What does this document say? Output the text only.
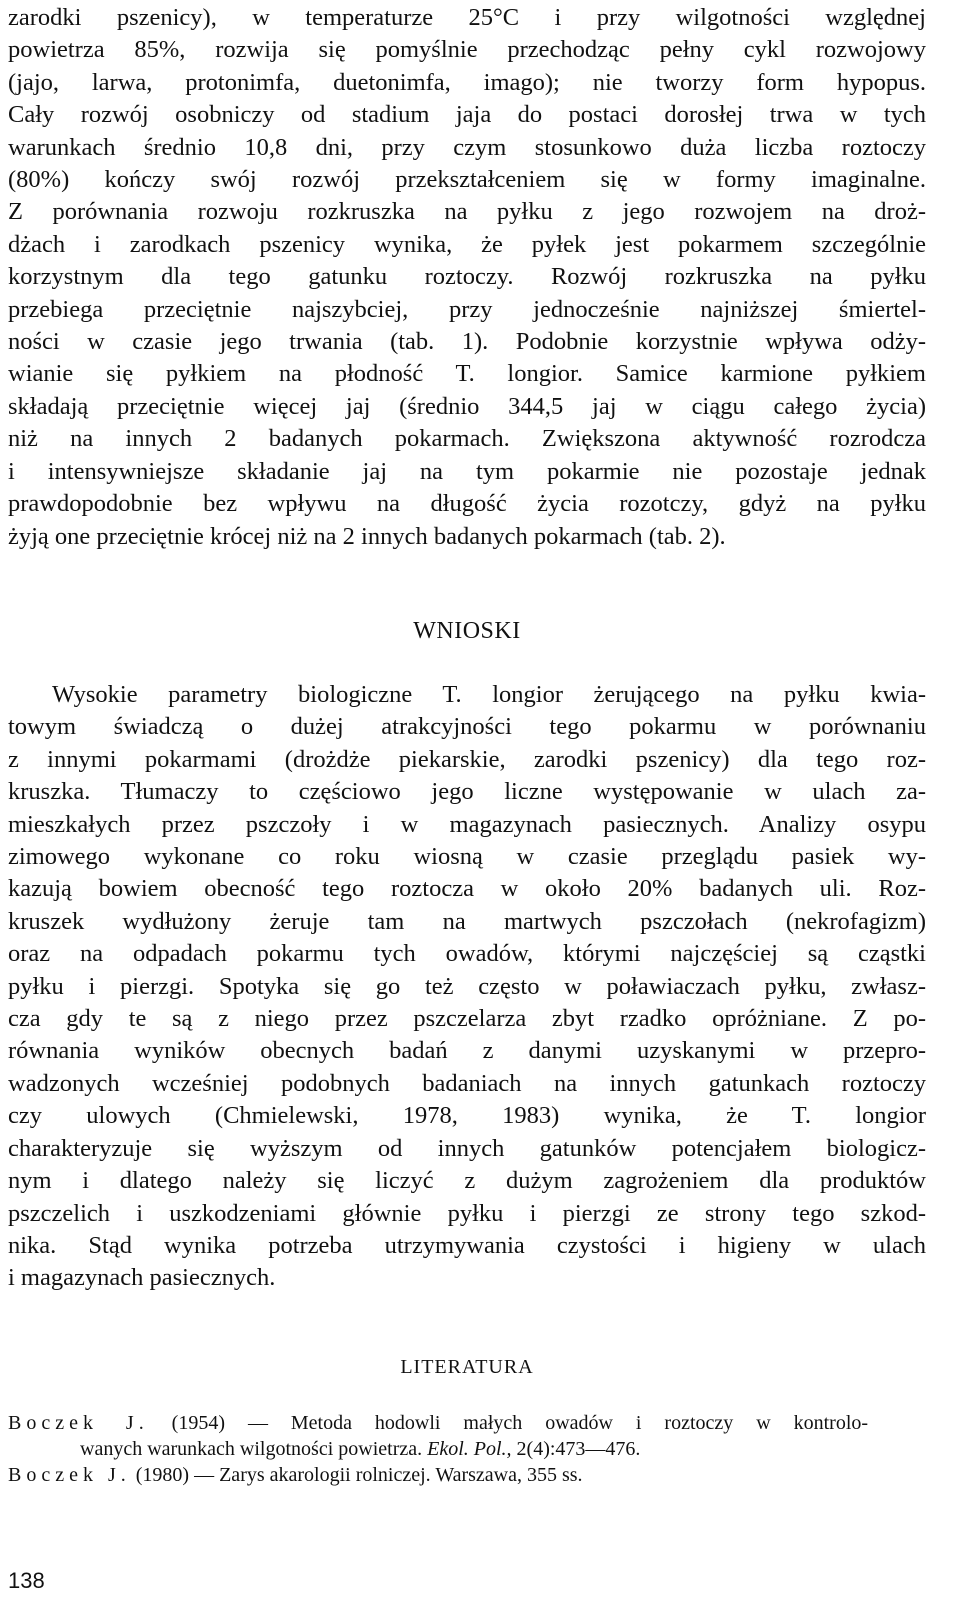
zarodki pszenicy), w temperaturze 25°C i przy wilgotności względnej
powietrza 85%, rozwija się pomyślnie przechodząc pełny cykl rozwojowy
(jajo, larwa, protonimfa, duetonimfa, imago); nie tworzy form hypopus.
Cały rozwój osobniczy od stadium jaja do postaci dorosłej trwa w tych
warunkach średnio 10,8 dni, przy czym stosunkowo duża liczba roztoczy
(80%) kończy swój rozwój przekształceniem się w formy imaginalne.
Z porównania rozwoju rozkruszka na pyłku z jego rozwojem na droż-
dżach i zarodkach pszenicy wynika, że pyłek jest pokarmem szczególnie
korzystnym dla tego gatunku roztoczy. Rozwój rozkruszka na pyłku
przebiega przeciętnie najszybciej, przy jednocześnie najniższej śmiertel-
ności w czasie jego trwania (tab. 1). Podobnie korzystnie wpływa odży-
wianie się pyłkiem na płodność T. longior. Samice karmione pyłkiem
składają przeciętnie więcej jaj (średnio 344,5 jaj w ciągu całego życia)
niż na innych 2 badanych pokarmach. Zwiększona aktywność rozrodcza
i intensywniejsze składanie jaj na tym pokarmie nie pozostaje jednak
prawdopodobnie bez wpływu na długość życia rozotczy, gdyż na pyłku
żyją one przeciętnie krócej niż na 2 innych badanych pokarmach (tab. 2).
WNIOSKI
Wysokie parametry biologiczne T. longior żerującego na pyłku kwia-
towym świadczą o dużej atrakcyjności tego pokarmu w porównaniu
z innymi pokarmami (drożdże piekarskie, zarodki pszenicy) dla tego roz-
kruszka. Tłumaczy to częściowo jego liczne występowanie w ulach za-
mieszkałych przez pszczoły i w magazynach pasiecznych. Analizy osypu
zimowego wykonane co roku wiosną w czasie przeglądu pasiek wy-
kazują bowiem obecność tego roztocza w około 20% badanych uli. Roz-
kruszek wydłużony żeruje tam na martwych pszczołach (nekrofagizm)
oraz na odpadach pokarmu tych owadów, którymi najczęściej są cząstki
pyłku i pierzgi. Spotyka się go też często w poławiaczach pyłku, zwłasz-
cza gdy te są z niego przez pszczelarza zbyt rzadko opróżniane. Z po-
równania wyników obecnych badań z danymi uzyskanymi w przepro-
wadzonych wcześniej podobnych badaniach na innych gatunkach roztoczy
czy ulowych (Chmielewski, 1978, 1983) wynika, że T. longior
charakteryzuje się wyższym od innych gatunków potencjałem biologicz-
nym i dlatego należy się liczyć z dużym zagrożeniem dla produktów
pszczelich i uszkodzeniami głównie pyłku i pierzgi ze strony tego szkod-
nika. Stąd wynika potrzeba utrzymywania czystości i higieny w ulach
i magazynach pasiecznych.
LITERATURA
Boczek J. (1954) — Metoda hodowli małych owadów i roztoczy w kontrolo-
wanych warunkach wilgotności powietrza. Ekol. Pol., 2(4):473—476.
Boczek J. (1980) — Zarys akarologii rolniczej. Warszawa, 355 ss.
138
